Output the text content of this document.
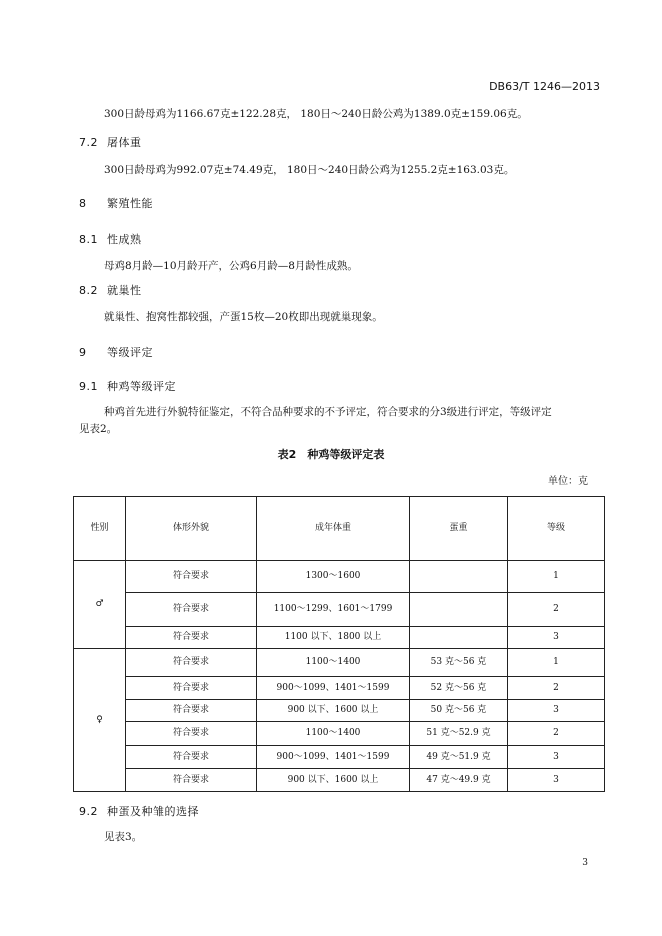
DB63/T 1246—2013
300日龄母鸡为1166.67克±122.28克， 180日～240日龄公鸡为1389.0克±159.06克。
7.2 屠体重
300日龄母鸡为992.07克±74.49克， 180日～240日龄公鸡为1255.2克±163.03克。
8 繁殖性能
8.1 性成熟
母鸡8月龄—10月龄开产，公鸡6月龄—8月龄性成熟。
8.2 就巢性
就巢性、抱窝性都较强，产蛋15枚—20枚即出现就巢现象。
9 等级评定
9.1 种鸡等级评定
种鸡首先进行外貌特征鉴定，不符合品种要求的不予评定，符合要求的分3级进行评定，等级评定
见表2。
表2　种鸡等级评定表
单位：克
性别	体形外貌	成年体重	蛋重	等级
♂	符合要求	1300～1600		1
	符合要求	1100～1299、1601～1799		2
	符合要求	1100 以下、1800 以上		3
♀	符合要求	1100～1400	53 克～56 克	1
	符合要求	900～1099、1401～1599	52 克～56 克	2
	符合要求	900 以下、1600 以上	50 克～56 克	3
	符合要求	1100～1400	51 克～52.9 克	2
	符合要求	900～1099、1401～1599	49 克～51.9 克	3
	符合要求	900 以下、1600 以上	47 克～49.9 克	3
9.2 种蛋及种雏的选择
见表3。
3
